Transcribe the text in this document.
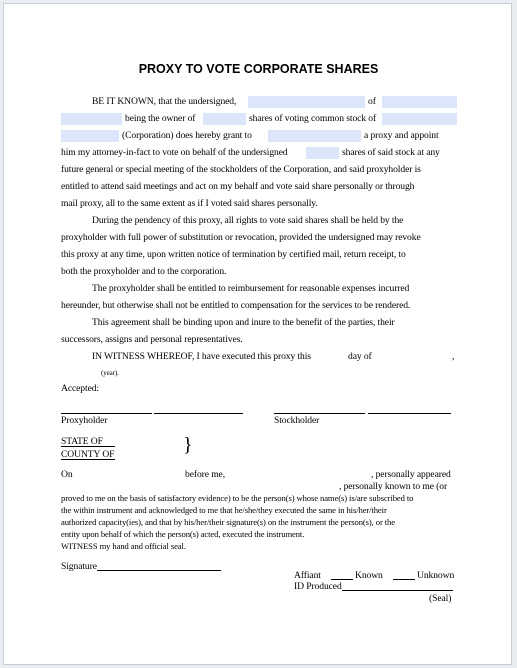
PROXY TO VOTE CORPORATE SHARES
BE IT KNOWN, that the undersigned,	of
being the owner of	shares of voting common stock of
(Corporation) does hereby grant to	a proxy and appoint
him my attorney-in-fact to vote on behalf of the undersigned	shares of said stock at any
future general or special meeting of the stockholders of the Corporation, and said proxyholder is
entitled to attend said meetings and act on my behalf and vote said share personally or through
mail proxy, all to the same extent as if I voted said shares personally.
During the pendency of this proxy, all rights to vote said shares shall be held by the
proxyholder with full power of substitution or revocation, provided the undersigned may revoke
this proxy at any time, upon written notice of termination by certified mail, return receipt, to
both the proxyholder and to the corporation.
The proxyholder shall be entitled to reimbursement for reasonable expenses incurred
hereunder, but otherwise shall not be entitled to compensation for the services to be rendered.
This agreement shall be binding upon and inure to the benefit of the parties, their
successors, assigns and personal representatives.
IN WITNESS WHEREOF, I have executed this proxy this	day of	,
(year).
Accepted:
Proxyholder	Stockholder
STATE OF
COUNTY OF	}
On	before me,	, personally appeared
, personally known to me (or
proved to me on the basis of satisfactory evidence) to be the person(s) whose name(s) is/are subscribed to
the within instrument and acknowledged to me that he/she/they executed the same in his/her/their
authorized capacity(ies), and that by his/her/their signature(s) on the instrument the person(s), or the
entity upon behalf of which the person(s) acted, executed the instrument.
WITNESS my hand and official seal.
Signature
Affiant	Known	Unknown
ID Produced
(Seal)
